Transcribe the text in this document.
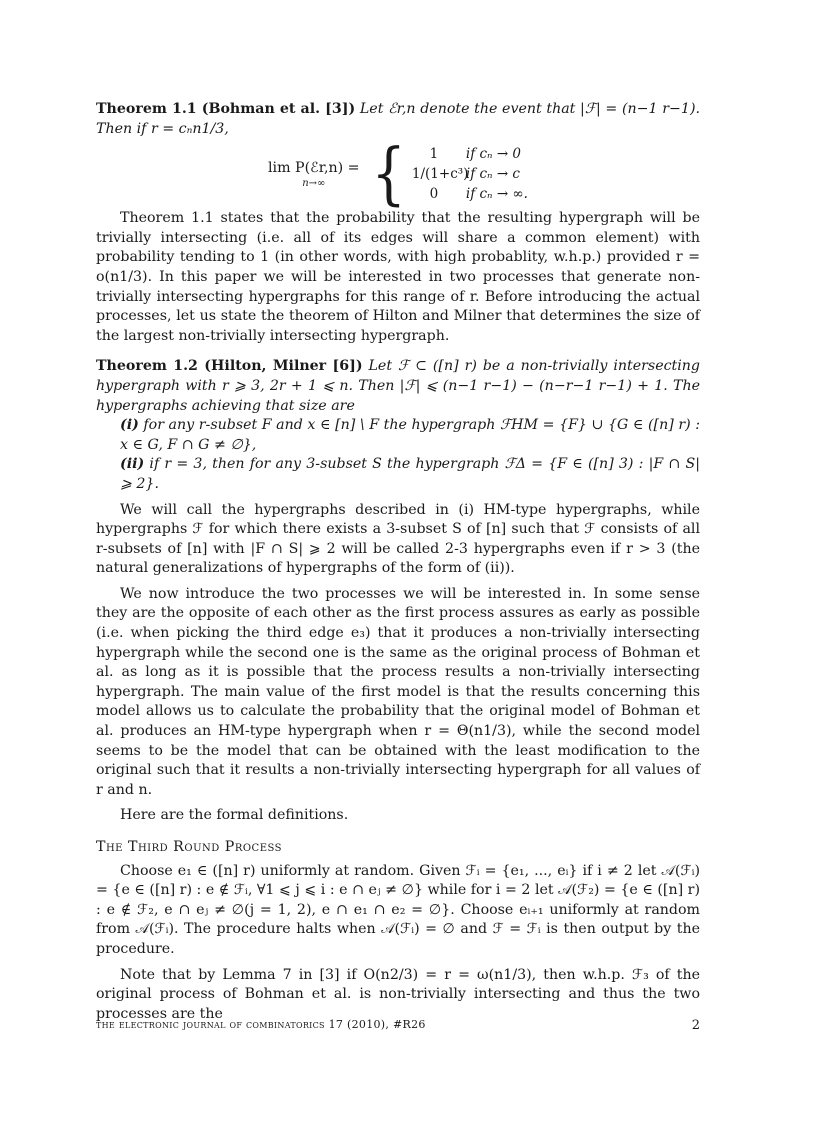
Theorem 1.1 (Bohman et al. [3]) Let ℰr,n denote the event that |ℱ| = (n−1 r−1). Then if r = cₙn1/3,

lim P(ℰr,n) =
n→∞ {	1	if cₙ → 0
1/(1+c³)
if cₙ → c
0	if cₙ → ∞.

Theorem 1.1 states that the probability that the resulting hypergraph will be trivially intersecting (i.e. all of its edges will share a common element) with probability tending to 1 (in other words, with high probablity, w.h.p.) provided r = o(n1/3). In this paper we will be interested in two processes that generate non-trivially intersecting hypergraphs for this range of r. Before introducing the actual processes, let us state the theorem of Hilton and Milner that determines the size of the largest non-trivially intersecting hypergraph.

Theorem 1.2 (Hilton, Milner [6]) Let ℱ ⊂ ([n] r) be a non-trivially intersecting hypergraph with r ⩾ 3, 2r + 1 ⩽ n. Then |ℱ| ⩽ (n−1 r−1) − (n−r−1 r−1) + 1. The hypergraphs achieving that size are

(i) for any r-subset F and x ∈ [n] \ F the hypergraph ℱHM = {F} ∪ {G ∈ ([n] r) : x ∈ G, F ∩ G ≠ ∅},

(ii) if r = 3, then for any 3-subset S the hypergraph ℱΔ = {F ∈ ([n] 3) : |F ∩ S| ⩾ 2}.

We will call the hypergraphs described in (i) HM-type hypergraphs, while hypergraphs ℱ for which there exists a 3-subset S of [n] such that ℱ consists of all r-subsets of [n] with |F ∩ S| ⩾ 2 will be called 2-3 hypergraphs even if r > 3 (the natural generalizations of hypergraphs of the form of (ii)).

We now introduce the two processes we will be interested in. In some sense they are the opposite of each other as the first process assures as early as possible (i.e. when picking the third edge e₃) that it produces a non-trivially intersecting hypergraph while the second one is the same as the original process of Bohman et al. as long as it is possible that the process results a non-trivially intersecting hypergraph. The main value of the first model is that the results concerning this model allows us to calculate the probability that the original model of Bohman et al. produces an HM-type hypergraph when r = Θ(n1/3), while the second model seems to be the model that can be obtained with the least modification to the original such that it results a non-trivially intersecting hypergraph for all values of r and n.

Here are the formal definitions.

The Third Round Process

Choose e₁ ∈ ([n] r) uniformly at random. Given ℱᵢ = {e₁, ..., eᵢ} if i ≠ 2 let 𝒜(ℱᵢ) = {e ∈ ([n] r) : e ∉ ℱᵢ, ∀1 ⩽ j ⩽ i : e ∩ eⱼ ≠ ∅} while for i = 2 let 𝒜(ℱ₂) = {e ∈ ([n] r) : e ∉ ℱ₂, e ∩ eⱼ ≠ ∅(j = 1, 2), e ∩ e₁ ∩ e₂ = ∅}. Choose eᵢ₊₁ uniformly at random from 𝒜(ℱᵢ). The procedure halts when 𝒜(ℱᵢ) = ∅ and ℱ = ℱᵢ is then output by the procedure.

Note that by Lemma 7 in [3] if O(n2/3) = r = ω(n1/3), then w.h.p. ℱ₃ of the original process of Bohman et al. is non-trivially intersecting and thus the two processes are the

the electronic journal of combinatorics 17 (2010), #R26	2
